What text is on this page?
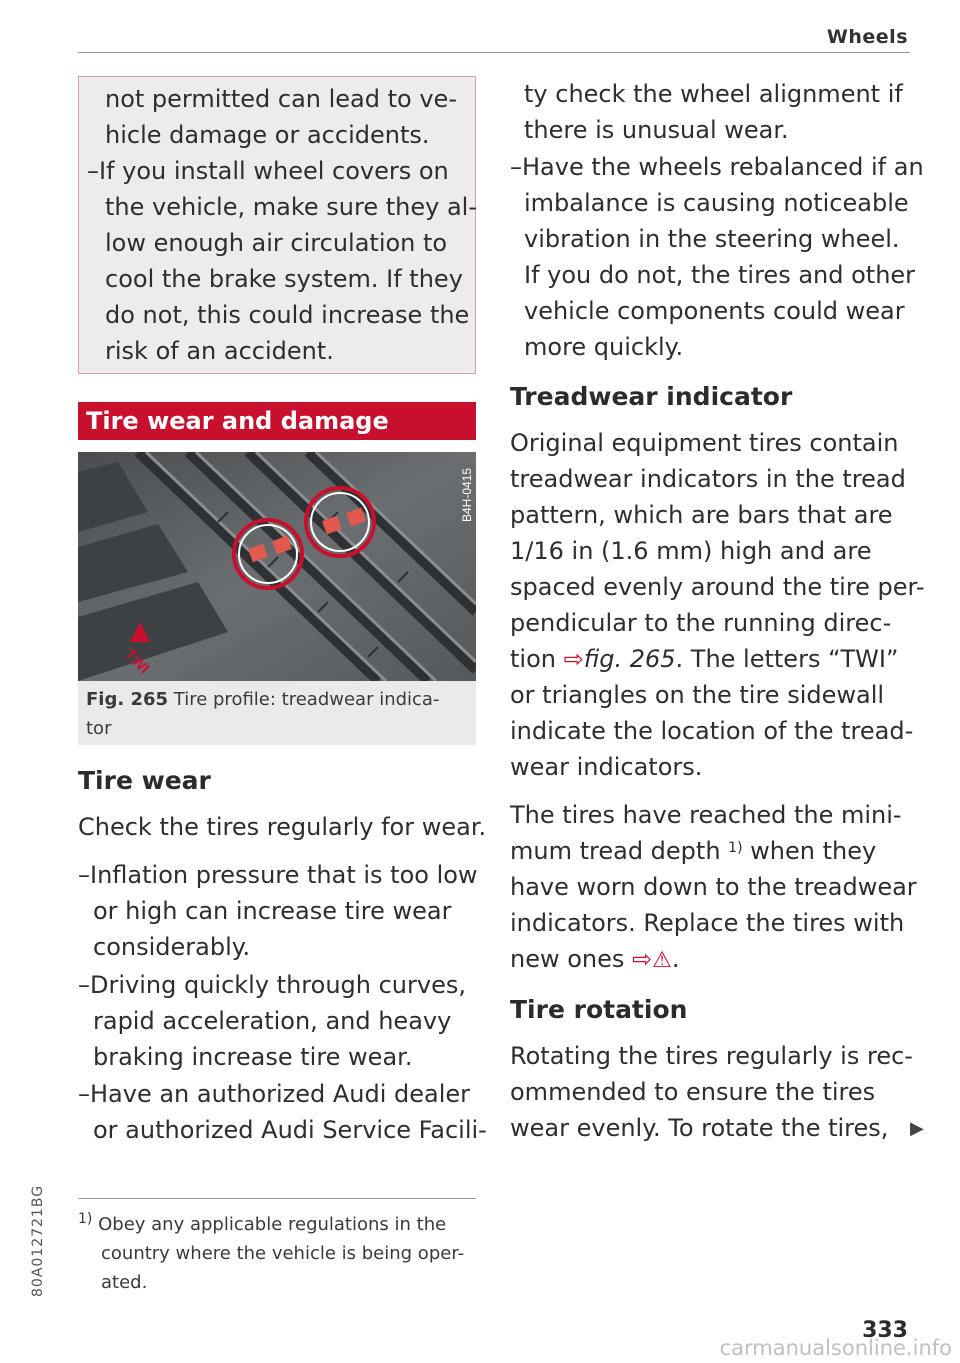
Wheels
not permitted can lead to ve-
hicle damage or accidents.
–If you install wheel covers on
the vehicle, make sure they al-
low enough air circulation to
cool the brake system. If they
do not, this could increase the
risk of an accident.
Tire wear and damage
TWI
B4H-0415
Fig. 265 Tire profile: treadwear indica-
tor
Tire wear
Check the tires regularly for wear.
–Inflation pressure that is too low
or high can increase tire wear
considerably.
–Driving quickly through curves,
rapid acceleration, and heavy
braking increase tire wear.
–Have an authorized Audi dealer
or authorized Audi Service Facili-
$^{1)}$ Obey any applicable regulations in the
country where the vehicle is being oper-
ated.
ty check the wheel alignment if
there is unusual wear.
–Have the wheels rebalanced if an
imbalance is causing noticeable
vibration in the steering wheel.
If you do not, the tires and other
vehicle components could wear
more quickly.
Treadwear indicator
Original equipment tires contain
treadwear indicators in the tread
pattern, which are bars that are
1/16 in (1.6 mm) high and are
spaced evenly around the tire per-
pendicular to the running direc-
tion ⇨fig. 265. The letters “TWI”
or triangles on the tire sidewall
indicate the location of the tread-
wear indicators.
The tires have reached the mini-
mum tread depth $^{1)}$ when they
have worn down to the treadwear
indicators. Replace the tires with
new ones ⇨⚠.
Tire rotation
Rotating the tires regularly is rec-
ommended to ensure the tires
wear evenly. To rotate the tires, ▶
80A012721BG
333
carmanualsonline.info
